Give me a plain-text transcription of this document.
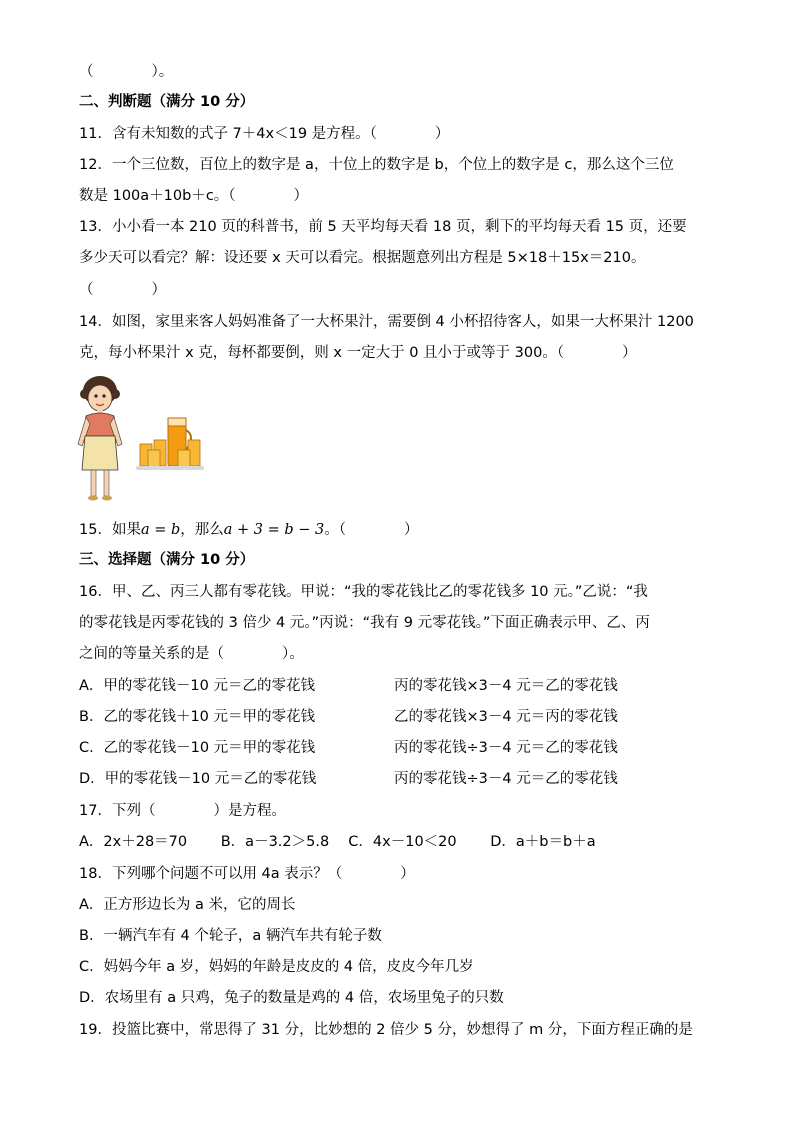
（　　　　）。
二、判断题（满分 10 分）
11．含有未知数的式子 7＋4x＜19 是方程。（　　　　）
12．一个三位数，百位上的数字是 a，十位上的数字是 b，个位上的数字是 c，那么这个三位
数是 100a＋10b＋c。（　　　　）
13．小小看一本 210 页的科普书，前 5 天平均每天看 18 页，剩下的平均每天看 15 页，还要
多少天可以看完？解：设还要 x 天可以看完。根据题意列出方程是 5×18＋15x＝210。
（　　　　）
14．如图，家里来客人妈妈准备了一大杯果汁，需要倒 4 小杯招待客人，如果一大杯果汁 1200
克，每小杯果汁 x 克，每杯都要倒，则 x 一定大于 0 且小于或等于 300。（　　　　）
15．如果a = b，那么a + 3 = b − 3。（　　　　）
三、选择题（满分 10 分）
16．甲、乙、丙三人都有零花钱。甲说：“我的零花钱比乙的零花钱多 10 元。”乙说：“我
的零花钱是丙零花钱的 3 倍少 4 元。”丙说：“我有 9 元零花钱。”下面正确表示甲、乙、丙
之间的等量关系的是（　　　　）。
A．甲的零花钱－10 元＝乙的零花钱	丙的零花钱×3－4 元＝乙的零花钱
B．乙的零花钱＋10 元＝甲的零花钱	乙的零花钱×3－4 元＝丙的零花钱
C．乙的零花钱－10 元＝甲的零花钱	丙的零花钱÷3－4 元＝乙的零花钱
D．甲的零花钱－10 元＝乙的零花钱	丙的零花钱÷3－4 元＝乙的零花钱
17．下列（　　　　）是方程。
A．2x＋28＝70　　 B．a－3.2＞5.8　 C．4x－10＜20　　 D．a＋b＝b＋a
18．下列哪个问题不可以用 4a 表示？（　　　　）
A．正方形边长为 a 米，它的周长
B．一辆汽车有 4 个轮子，a 辆汽车共有轮子数
C．妈妈今年 a 岁，妈妈的年龄是皮皮的 4 倍，皮皮今年几岁
D．农场里有 a 只鸡，兔子的数量是鸡的 4 倍，农场里兔子的只数
19．投篮比赛中，常思得了 31 分，比妙想的 2 倍少 5 分，妙想得了 m 分，下面方程正确的是
